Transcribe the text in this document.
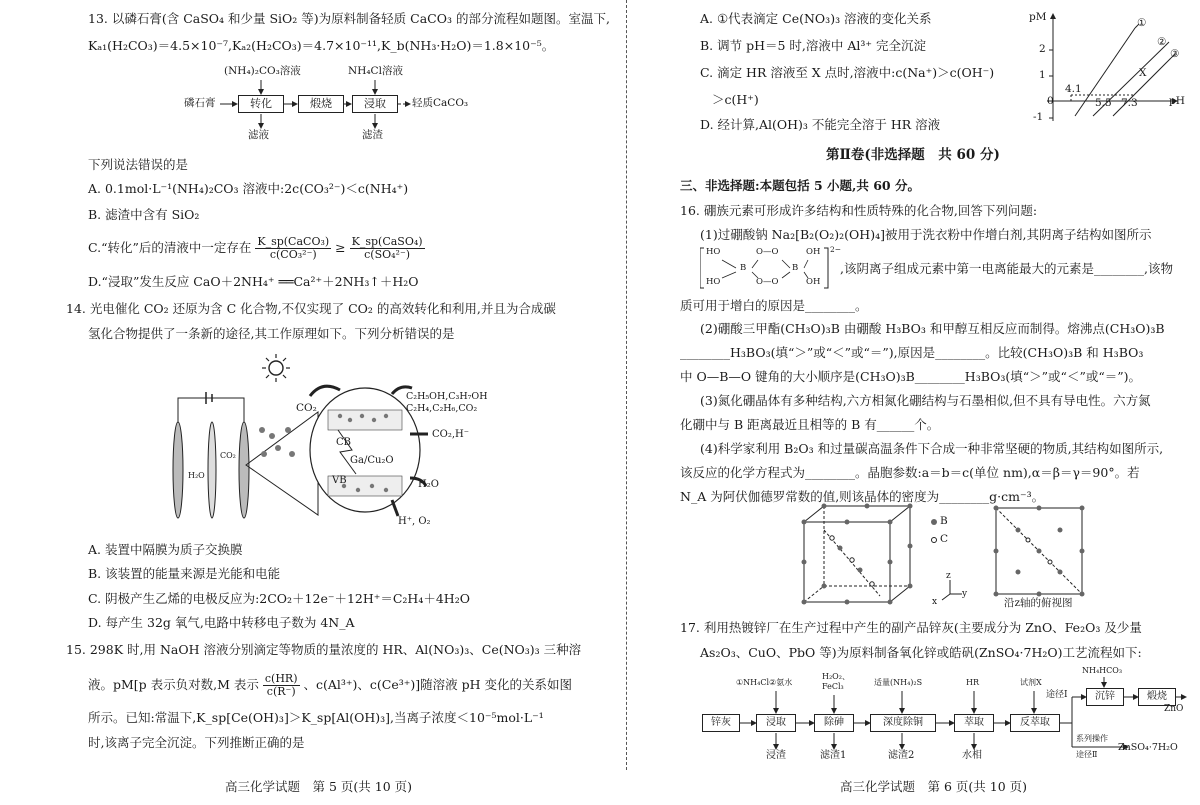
13. 以磷石膏(含 CaSO₄ 和少量 SiO₂ 等)为原料制备轻质 CaCO₃ 的部分流程如题图。室温下,
Kₐ₁(H₂CO₃)＝4.5×10⁻⁷,Kₐ₂(H₂CO₃)＝4.7×10⁻¹¹,K_b(NH₃·H₂O)＝1.8×10⁻⁵。
(NH₄)₂CO₃溶液	NH₄Cl溶液
磷石膏	转化	煅烧	浸取	轻质CaCO₃
滤液	滤渣
下列说法错误的是
A. 0.1mol·L⁻¹(NH₄)₂CO₃ 溶液中:2c(CO₃²⁻)＜c(NH₄⁺)
B. 滤渣中含有 SiO₂
C.“转化”后的清液中一定存在 $\frac{\text{K\_sp(CaCO₃)}}{\text{c(CO₃²⁻)}} \ge \frac{\text{K\_sp(CaSO₄)}}{\text{c(SO₄²⁻)}}$
D.“浸取”发生反应 CaO＋2NH₄⁺ ══Ca²⁺＋2NH₃↑＋H₂O
14. 光电催化 CO₂ 还原为含 C 化合物,不仅实现了 CO₂ 的高效转化和利用,并且为合成碳
氢化合物提供了一条新的途径,其工作原理如下。下列分析错误的是
CO₂
H₂O
CO₂
C₂H₅OH,C₃H₇OH
C₂H₄,C₂H₆,CO₂
CO₂,H⁻
CB
VB
Ga/Cu₂O
H₂O
H⁺, O₂
A. 装置中隔膜为质子交换膜
B. 该装置的能量来源是光能和电能
C. 阴极产生乙烯的电极反应为:2CO₂＋12e⁻＋12H⁺＝C₂H₄＋4H₂O
D. 每产生 32g 氧气,电路中转移电子数为 4N_A
15. 298K 时,用 NaOH 溶液分别滴定等物质的量浓度的 HR、Al(NO₃)₃、Ce(NO₃)₃ 三种溶
液。pM[p 表示负对数,M 表示 $\frac{c(HR)}{c(R^-)}$ 、c(Al³⁺)、c(Ce³⁺)]随溶液 pH 变化的关系如图
所示。已知:常温下,K_sp[Ce(OH)₃]＞K_sp[Al(OH)₃],当离子浓度＜10⁻⁵mol·L⁻¹
时,该离子完全沉淀。下列推断正确的是
高三化学试题　第 5 页(共 10 页)
A. ①代表滴定 Ce(NO₃)₃ 溶液的变化关系
B. 调节 pH＝5 时,溶液中 Al³⁺ 完全沉淀
C. 滴定 HR 溶液至 X 点时,溶液中:c(Na⁺)＞c(OH⁻)
＞c(H⁺)
D. 经计算,Al(OH)₃ 不能完全溶于 HR 溶液
pM
pH
0
2
1
-1
4.1
5.5 7.3
①
②
③
X
第Ⅱ卷(非选择题　共 60 分)
三、非选择题:本题包括 5 小题,共 60 分。
16. 硼族元素可形成许多结构和性质特殊的化合物,回答下列问题:
(1)过硼酸钠 Na₂[B₂(O₂)₂(OH)₄]被用于洗衣粉中作增白剂,其阴离子结构如图所示
HO	O—O	OH
B	B
HO	O—O	OH
2−
,该阴离子组成元素中第一电离能最大的元素是________,该物
质可用于增白的原因是________。
(2)硼酸三甲酯(CH₃O)₃B 由硼酸 H₃BO₃ 和甲醇互相反应而制得。熔沸点(CH₃O)₃B
________H₃BO₃(填“＞”或“＜”或“＝”),原因是________。比较(CH₃O)₃B 和 H₃BO₃
中 O—B—O 键角的大小顺序是(CH₃O)₃B________H₃BO₃(填“＞”或“＜”或“＝”)。
(3)氮化硼晶体有多种结构,六方相氮化硼结构与石墨相似,但不具有导电性。六方氮
化硼中与 B 距离最近且相等的 B 有______个。
(4)科学家利用 B₂O₃ 和过量碳高温条件下合成一种非常坚硬的物质,其结构如图所示,
该反应的化学方程式为________。晶胞参数:a＝b＝c(单位 nm),α＝β＝γ＝90°。若
N_A 为阿伏伽德罗常数的值,则该晶体的密度为________g·cm⁻³。
B
C
z
x
y
沿z轴的俯视图
17. 利用热镀锌厂在生产过程中产生的副产品锌灰(主要成分为 ZnO、Fe₂O₃ 及少量
As₂O₃、CuO、PbO 等)为原料制备氧化锌或皓矾(ZnSO₄·7H₂O)工艺流程如下:
①NH₄Cl②氨水
H₂O₂、
FeCl₃	适量(NH₄)₂S	HR	试剂X
NH₄HCO₃
锌灰	浸取	除砷	深度除铜	萃取	反萃取
沉锌	煅烧
ZnO
途径Ⅰ
系列操作
途径Ⅱ
ZnSO₄·7H₂O
浸渣	滤渣1	滤渣2	水相
高三化学试题　第 6 页(共 10 页)
